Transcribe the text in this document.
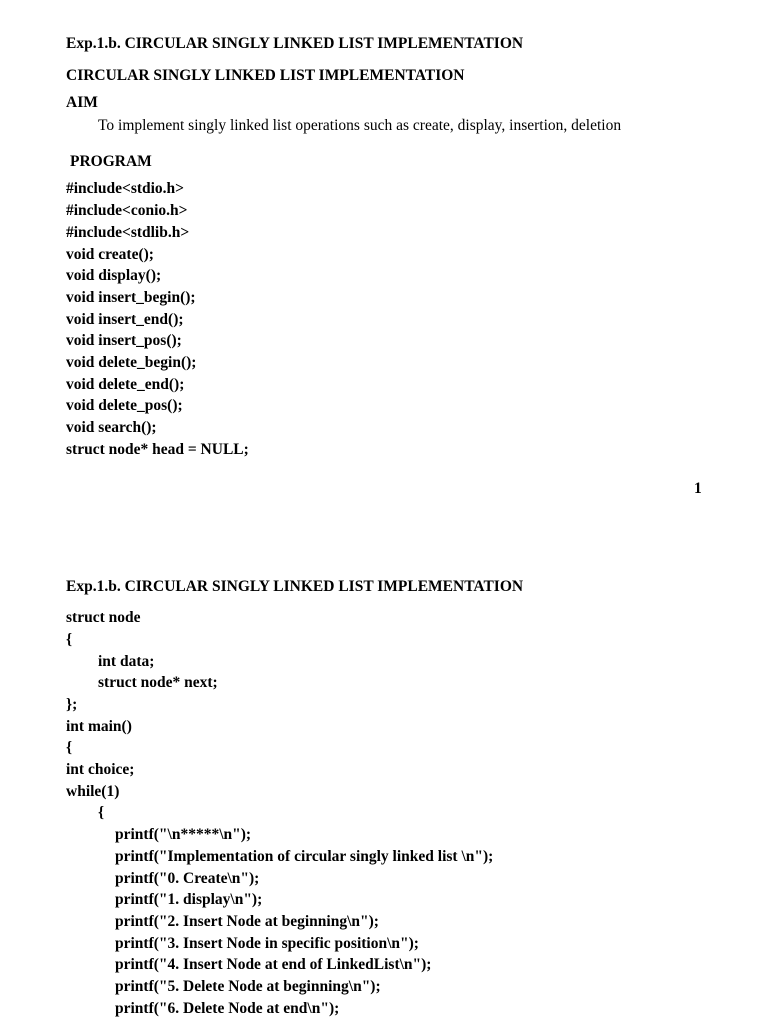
Exp.1.b. CIRCULAR SINGLY LINKED LIST IMPLEMENTATION
CIRCULAR SINGLY LINKED LIST IMPLEMENTATION
AIM
To implement singly linked list operations such as create, display, insertion, deletion
PROGRAM
#include<stdio.h>
#include<conio.h>
#include<stdlib.h>
void create();
void display();
void insert_begin();
void insert_end();
void insert_pos();
void delete_begin();
void delete_end();
void delete_pos();
void search();
struct node* head = NULL;
1
Exp.1.b. CIRCULAR SINGLY LINKED LIST IMPLEMENTATION
struct node
{
int data;
struct node* next;
};
int main()
{
int choice;
while(1)
{
printf("\n*****\n");
printf("Implementation of circular singly linked list \n");
printf("0. Create\n");
printf("1. display\n");
printf("2. Insert Node at beginning\n");
printf("3. Insert Node in specific position\n");
printf("4. Insert Node at end of LinkedList\n");
printf("5. Delete Node at beginning\n");
printf("6. Delete Node at end\n");
